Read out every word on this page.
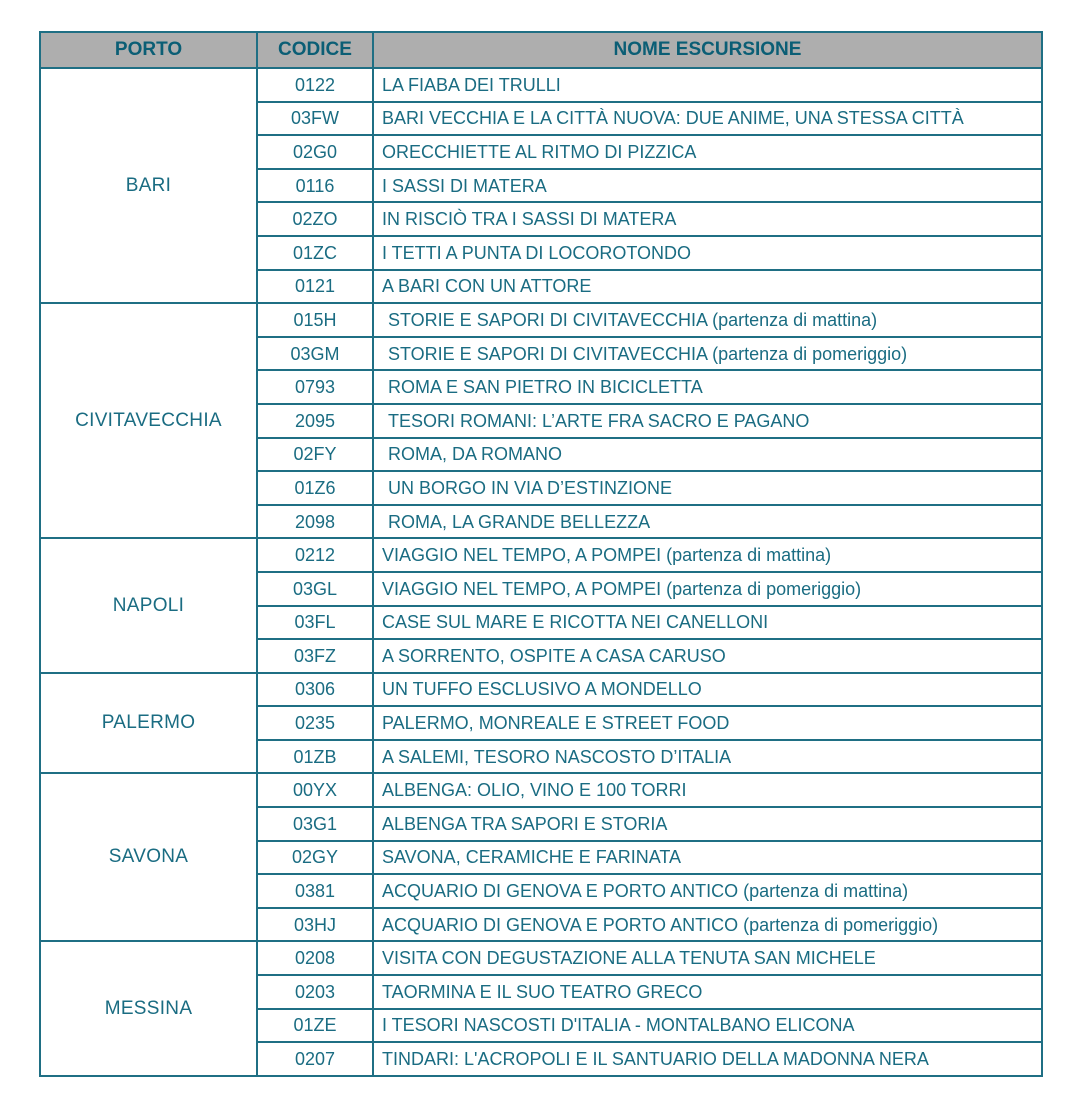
PORTO	CODICE	NOME ESCURSIONE
BARI	0122	LA FIABA DEI TRULLI
	03FW	BARI VECCHIA E LA CITTÀ NUOVA: DUE ANIME, UNA STESSA CITTÀ
	02G0	ORECCHIETTE AL RITMO DI PIZZICA
	0116	I SASSI DI MATERA
	02ZO	IN RISCIÒ TRA I SASSI DI MATERA
	01ZC	I TETTI A PUNTA DI LOCOROTONDO
	0121	A BARI CON UN ATTORE
CIVITAVECCHIA	015H	STORIE E SAPORI DI CIVITAVECCHIA (partenza di mattina)
	03GM	STORIE E SAPORI DI CIVITAVECCHIA (partenza di pomeriggio)
	0793	ROMA E SAN PIETRO IN BICICLETTA
	2095	TESORI ROMANI: L’ARTE FRA SACRO E PAGANO
	02FY	ROMA, DA ROMANO
	01Z6	UN BORGO IN VIA D’ESTINZIONE
	2098	ROMA, LA GRANDE BELLEZZA
NAPOLI	0212	VIAGGIO NEL TEMPO, A POMPEI (partenza di mattina)
	03GL	VIAGGIO NEL TEMPO, A POMPEI (partenza di pomeriggio)
	03FL	CASE SUL MARE E RICOTTA NEI CANELLONI
	03FZ	A SORRENTO, OSPITE A CASA CARUSO
PALERMO	0306	UN TUFFO ESCLUSIVO A MONDELLO
	0235	PALERMO, MONREALE E STREET FOOD
	01ZB	A SALEMI, TESORO NASCOSTO D’ITALIA
SAVONA	00YX	ALBENGA: OLIO, VINO E 100 TORRI
	03G1	ALBENGA TRA SAPORI E STORIA
	02GY	SAVONA, CERAMICHE E FARINATA
	0381	ACQUARIO DI GENOVA E PORTO ANTICO (partenza di mattina)
	03HJ	ACQUARIO DI GENOVA E PORTO ANTICO (partenza di pomeriggio)
MESSINA	0208	VISITA CON DEGUSTAZIONE ALLA TENUTA SAN MICHELE
	0203	TAORMINA E IL SUO TEATRO GRECO
	01ZE	I TESORI NASCOSTI D'ITALIA - MONTALBANO ELICONA
	0207	TINDARI: L'ACROPOLI E IL SANTUARIO DELLA MADONNA NERA
